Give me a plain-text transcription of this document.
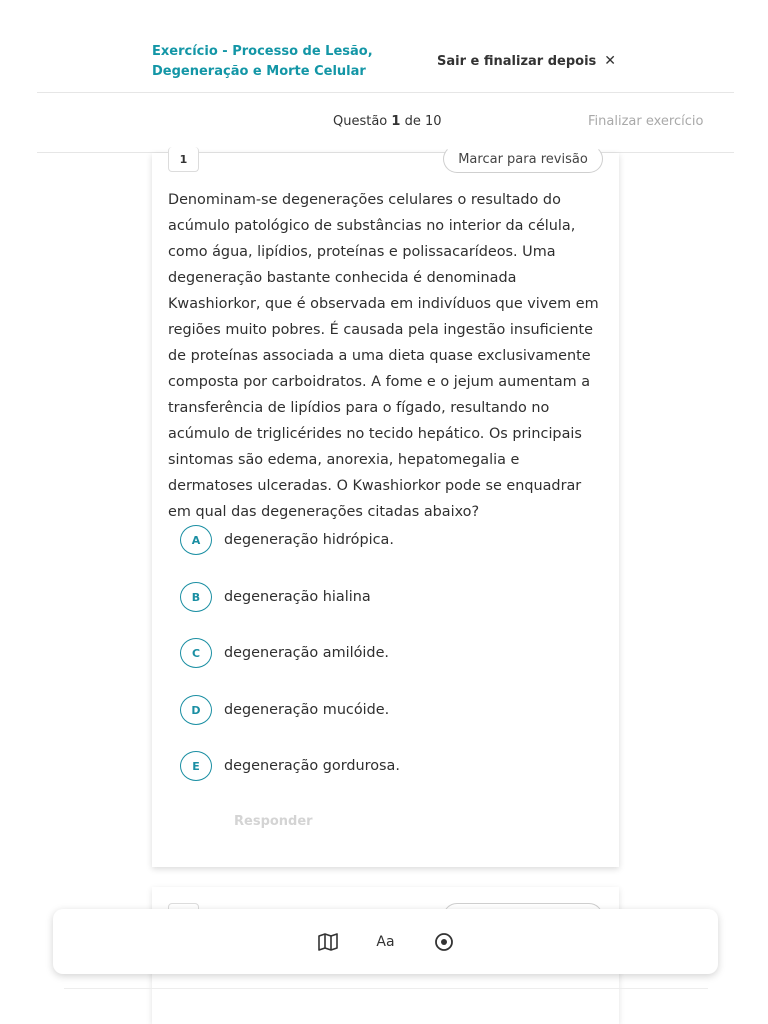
Exercício - Processo de Lesão, Degeneração e Morte Celular
Sair e finalizar depois ✕
Questão 1 de 10	Finalizar exercício
1	Marcar para revisão
Denominam-se degenerações celulares o resultado do acúmulo patológico de substâncias no interior da célula, como água, lipídios, proteínas e polissacarídeos. Uma degeneração bastante conhecida é denominada Kwashiorkor, que é observada em indivíduos que vivem em regiões muito pobres. É causada pela ingestão insuficiente de proteínas associada a uma dieta quase exclusivamente composta por carboidratos. A fome e o jejum aumentam a transferência de lipídios para o fígado, resultando no acúmulo de triglicérides no tecido hepático. Os principais sintomas são edema, anorexia, hepatomegalia e dermatoses ulceradas. O Kwashiorkor pode se enquadrar em qual das degenerações citadas abaixo?
A	degeneração hidrópica.
B	degeneração hialina
C	degeneração amilóide.
D	degeneração mucóide.
E	degeneração gordurosa.
Responder
Aa
